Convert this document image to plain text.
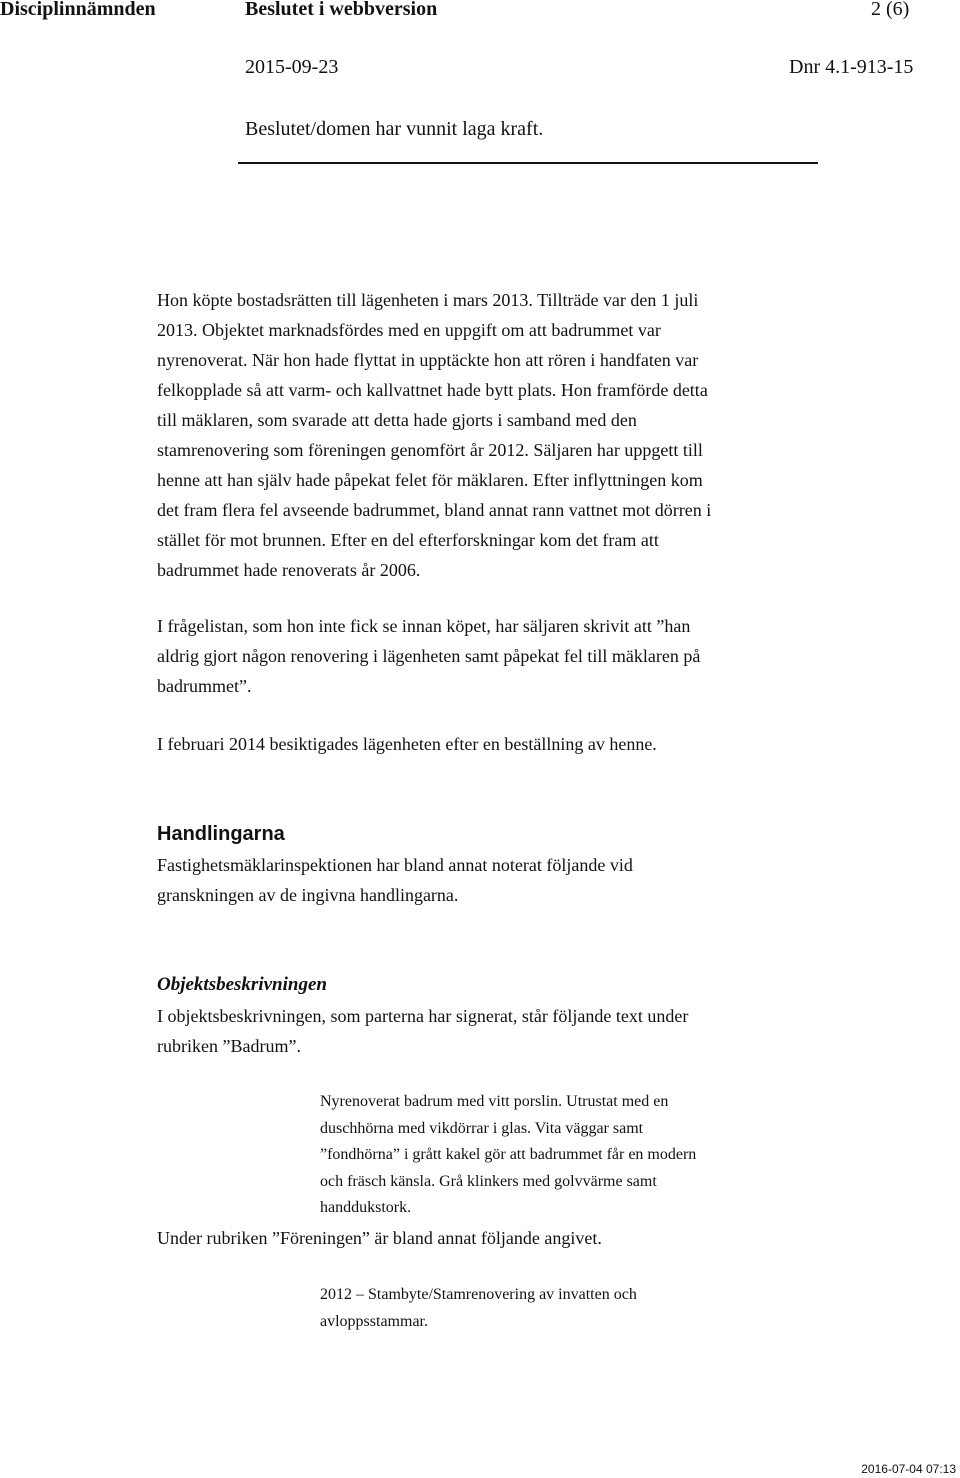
Disciplinnämnden	Beslutet i webbversion	2 (6)
2015-09-23	Dnr 4.1-913-15
Beslutet/domen har vunnit laga kraft.
Hon köpte bostadsrätten till lägenheten i mars 2013. Tillträde var den 1 juli
2013. Objektet marknadsfördes med en uppgift om att badrummet var
nyrenoverat. När hon hade flyttat in upptäckte hon att rören i handfaten var
felkopplade så att varm- och kallvattnet hade bytt plats. Hon framförde detta
till mäklaren, som svarade att detta hade gjorts i samband med den
stamrenovering som föreningen genomfört år 2012. Säljaren har uppgett till
henne att han själv hade påpekat felet för mäklaren. Efter inflyttningen kom
det fram flera fel avseende badrummet, bland annat rann vattnet mot dörren i
stället för mot brunnen. Efter en del efterforskningar kom det fram att
badrummet hade renoverats år 2006.
I frågelistan, som hon inte fick se innan köpet, har säljaren skrivit att ”han
aldrig gjort någon renovering i lägenheten samt påpekat fel till mäklaren på
badrummet”.
I februari 2014 besiktigades lägenheten efter en beställning av henne.
Handlingarna
Fastighetsmäklarinspektionen har bland annat noterat följande vid
granskningen av de ingivna handlingarna.
Objektsbeskrivningen
I objektsbeskrivningen, som parterna har signerat, står följande text under
rubriken ”Badrum”.
Nyrenoverat badrum med vitt porslin. Utrustat med en
duschhörna med vikdörrar i glas. Vita väggar samt
”fondhörna” i grått kakel gör att badrummet får en modern
och fräsch känsla. Grå klinkers med golvvärme samt
handdukstork.
Under rubriken ”Föreningen” är bland annat följande angivet.
2012 – Stambyte/Stamrenovering av invatten och
avloppsstammar.
2016-07-04 07:13
